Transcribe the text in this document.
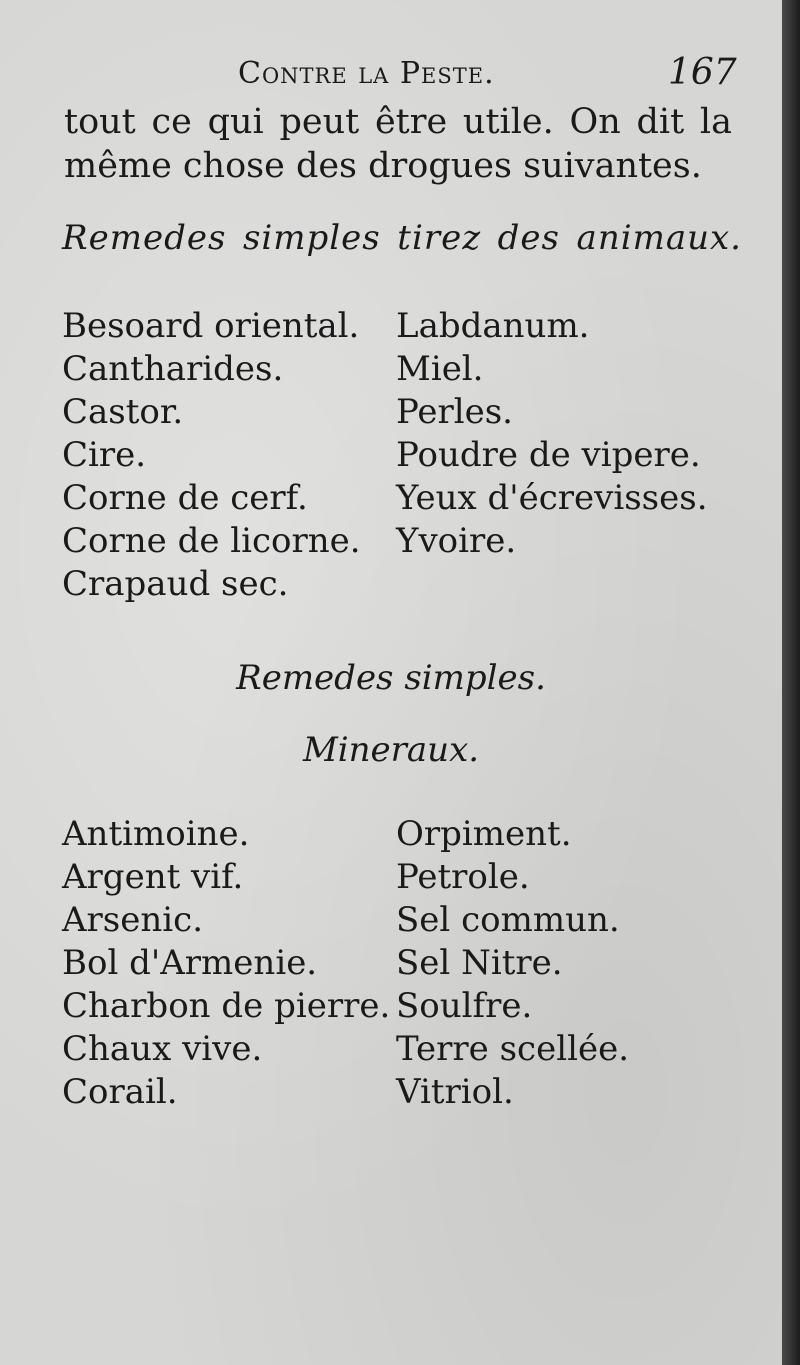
Contre la Peste.	167
tout ce qui peut être utile. On dit la
même chose des drogues suivantes.
Remedes simples tirez des animaux.
Besoard oriental.
Cantharides.
Castor.
Cire.
Corne de cerf.
Corne de licorne.
Crapaud sec.
Labdanum.
Miel.
Perles.
Poudre de vipere.
Yeux d'écrevisses.
Yvoire.
Remedes simples.
Mineraux.
Antimoine.
Argent vif.
Arsenic.
Bol d'Armenie.
Charbon de pierre.
Chaux vive.
Corail.
Orpiment.
Petrole.
Sel commun.
Sel Nitre.
Soulfre.
Terre scellée.
Vitriol.
